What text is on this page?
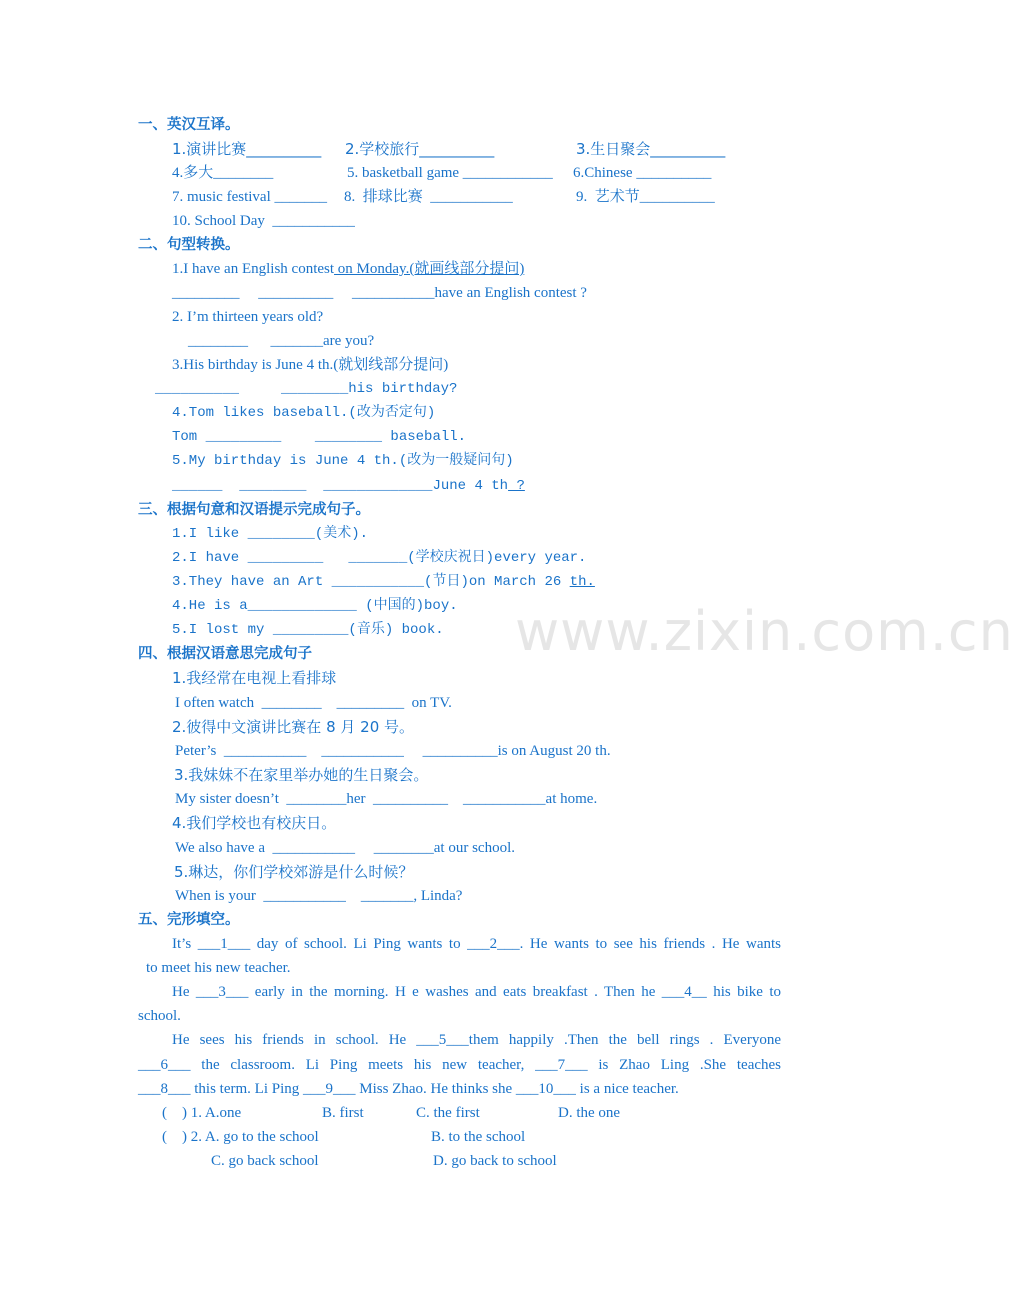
www.zixin.com.cn
一、英汉互译。
1.演讲比赛__________ 2.学校旅行__________	3.生日聚会__________
4.多大________	5. basketball game ____________ 6.Chinese __________
7. music festival _______ 8.  排球比赛  ___________	9.  艺术节__________
10. School Day  ___________
二、句型转换。
1.I have an English contest on Monday.(就画线部分提问)
_________     __________     ___________have an English contest ?
2. I’m thirteen years old?
________      _______are you?
3.His birthday is June 4 th.(就划线部分提问)
__________     ________his birthday?
4.Tom likes baseball.(改为否定句)
Tom _________    ________ baseball.
5.My birthday is June 4 th.(改为一般疑问句)
______  ________  _____________June 4 th ?
三、根据句意和汉语提示完成句子。
1.I like ________(美术).
2.I have _________   _______(学校庆祝日)every year.
3.They have an Art ___________(节日)on March 26 th.
4.He is a_____________ (中国的)boy.
5.I lost my _________(音乐) book.
四、根据汉语意思完成句子
1.我经常在电视上看排球
I often watch  ________    _________  on TV.
2.彼得中文演讲比赛在 8 月 20 号。
Peter’s  ___________    ___________     __________is on August 20 th.
3.我妹妹不在家里举办她的生日聚会。
My sister doesn’t  ________her  __________    ___________at home.
4.我们学校也有校庆日。
We also have a  ___________     ________at our school.
5.琳达，你们学校郊游是什么时候？
When is your  ___________    _______, Linda?
五、完形填空。
It’s ___1___ day of school. Li Ping wants to ___2___. He wants to see his friends . He wants
to meet his new teacher.
He ___3___ early in the morning. H e washes and eats breakfast . Then he ___4__ his bike to
school.
He sees his friends in school. He ___5___them happily .Then the bell rings . Everyone
___6___ the classroom. Li Ping meets his new teacher, ___7___ is Zhao Ling .She teaches
___8___ this term. Li Ping ___9___ Miss Zhao. He thinks she ___10___ is a nice teacher.
(    ) 1. A.one	B. first	C. the first	D. the one
(    ) 2. A. go to the school	B. to the school
C. go back school	D. go back to school
